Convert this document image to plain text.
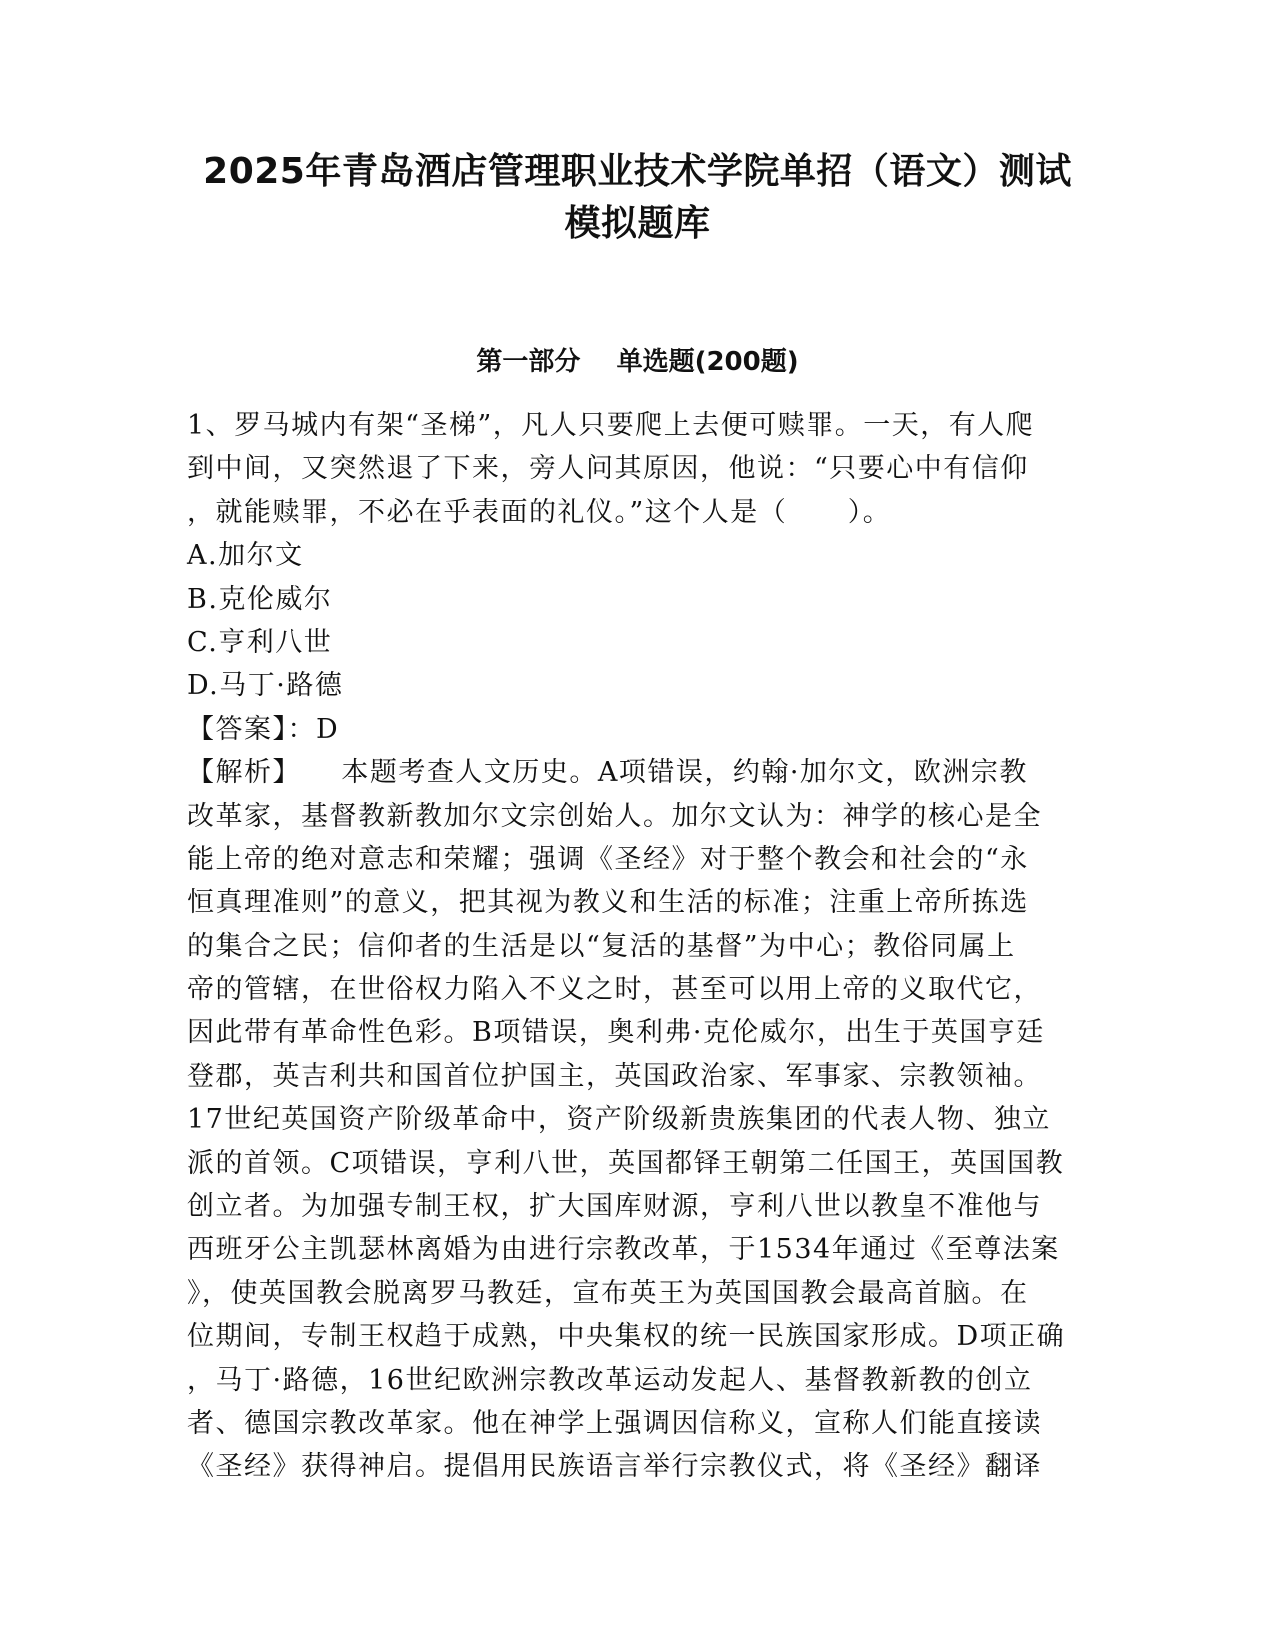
2025年青岛酒店管理职业技术学院单招（语文）测试
模拟题库
第一部分    单选题(200题)
1、罗马城内有架“圣梯”，凡人只要爬上去便可赎罪。一天，有人爬
到中间，又突然退了下来，旁人问其原因，他说：“只要心中有信仰
，就能赎罪，不必在乎表面的礼仪。”这个人是（      ）。
A.加尔文
B.克伦威尔
C.亨利八世
D.马丁·路德
【答案】：D
【解析】    本题考查人文历史。A项错误，约翰·加尔文，欧洲宗教
改革家，基督教新教加尔文宗创始人。加尔文认为：神学的核心是全
能上帝的绝对意志和荣耀；强调《圣经》对于整个教会和社会的“永
恒真理准则”的意义，把其视为教义和生活的标准；注重上帝所拣选
的集合之民；信仰者的生活是以“复活的基督”为中心；教俗同属上
帝的管辖，在世俗权力陷入不义之时，甚至可以用上帝的义取代它，
因此带有革命性色彩。B项错误，奥利弗·克伦威尔，出生于英国亨廷
登郡，英吉利共和国首位护国主，英国政治家、军事家、宗教领袖。
17世纪英国资产阶级革命中，资产阶级新贵族集团的代表人物、独立
派的首领。C项错误，亨利八世，英国都铎王朝第二任国王，英国国教
创立者。为加强专制王权，扩大国库财源，亨利八世以教皇不准他与
西班牙公主凯瑟林离婚为由进行宗教改革，于1534年通过《至尊法案
》，使英国教会脱离罗马教廷，宣布英王为英国国教会最高首脑。在
位期间，专制王权趋于成熟，中央集权的统一民族国家形成。D项正确
，马丁·路德，16世纪欧洲宗教改革运动发起人、基督教新教的创立
者、德国宗教改革家。他在神学上强调因信称义，宣称人们能直接读
《圣经》获得神启。提倡用民族语言举行宗教仪式，将《圣经》翻译
